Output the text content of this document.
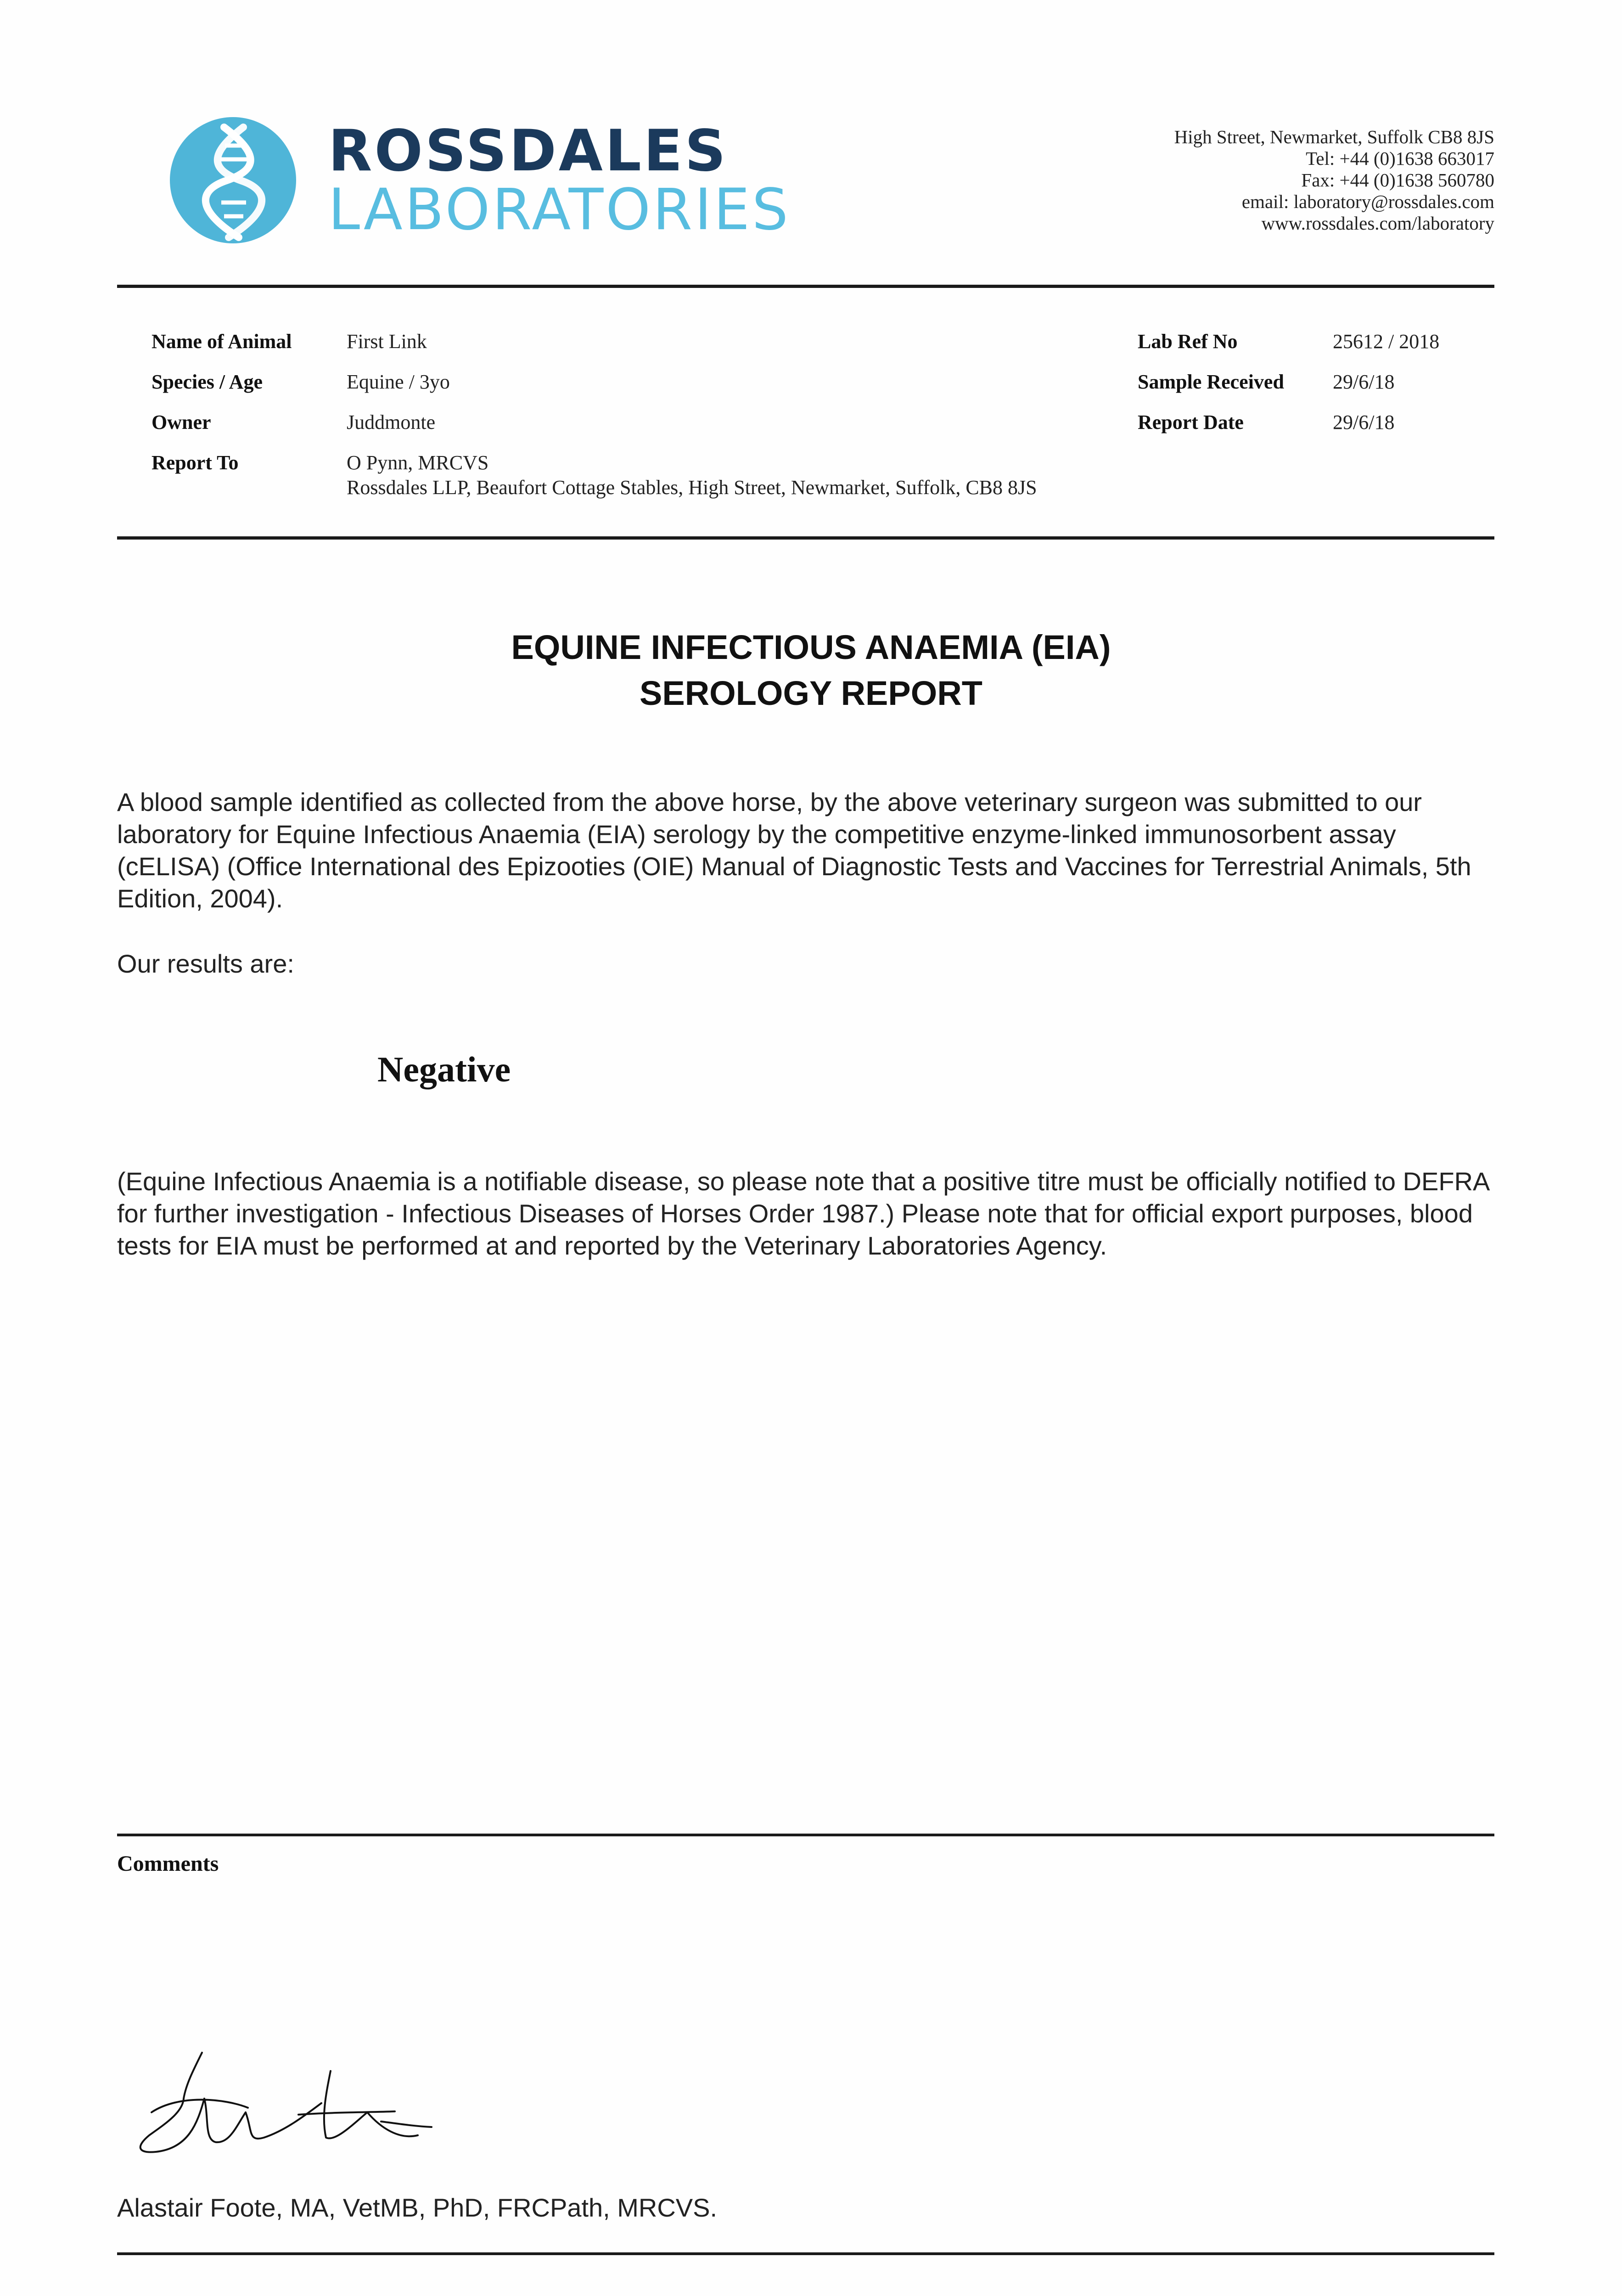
ROSSDALES
LABORATORIES
High Street, Newmarket, Suffolk CB8 8JS
Tel: +44 (0)1638 663017
Fax: +44 (0)1638 560780
email: laboratory@rossdales.com
www.rossdales.com/laboratory
Name of Animal	First Link
Species / Age	Equine / 3yo
Owner	Juddmonte
Report To	O Pynn, MRCVS
Rossdales LLP, Beaufort Cottage Stables, High Street, Newmarket, Suffolk, CB8 8JS
Lab Ref No	25612 / 2018
Sample Received 29/6/18
Report Date	29/6/18
EQUINE INFECTIOUS ANAEMIA (EIA)
SEROLOGY REPORT
A blood sample identified as collected from the above horse, by the above veterinary surgeon was submitted to our laboratory for Equine Infectious Anaemia (EIA) serology by the competitive enzyme-linked immunosorbent assay (cELISA) (Office International des Epizooties (OIE) Manual of Diagnostic Tests and Vaccines for Terrestrial Animals, 5th Edition, 2004).
Our results are:
Negative
(Equine Infectious Anaemia is a notifiable disease, so please note that a positive titre must be officially notified to DEFRA for further investigation - Infectious Diseases of Horses Order 1987.) Please note that for official export purposes, blood tests for EIA must be performed at and reported by the Veterinary Laboratories Agency.
Comments
Alastair Foote, MA, VetMB, PhD, FRCPath, MRCVS.
